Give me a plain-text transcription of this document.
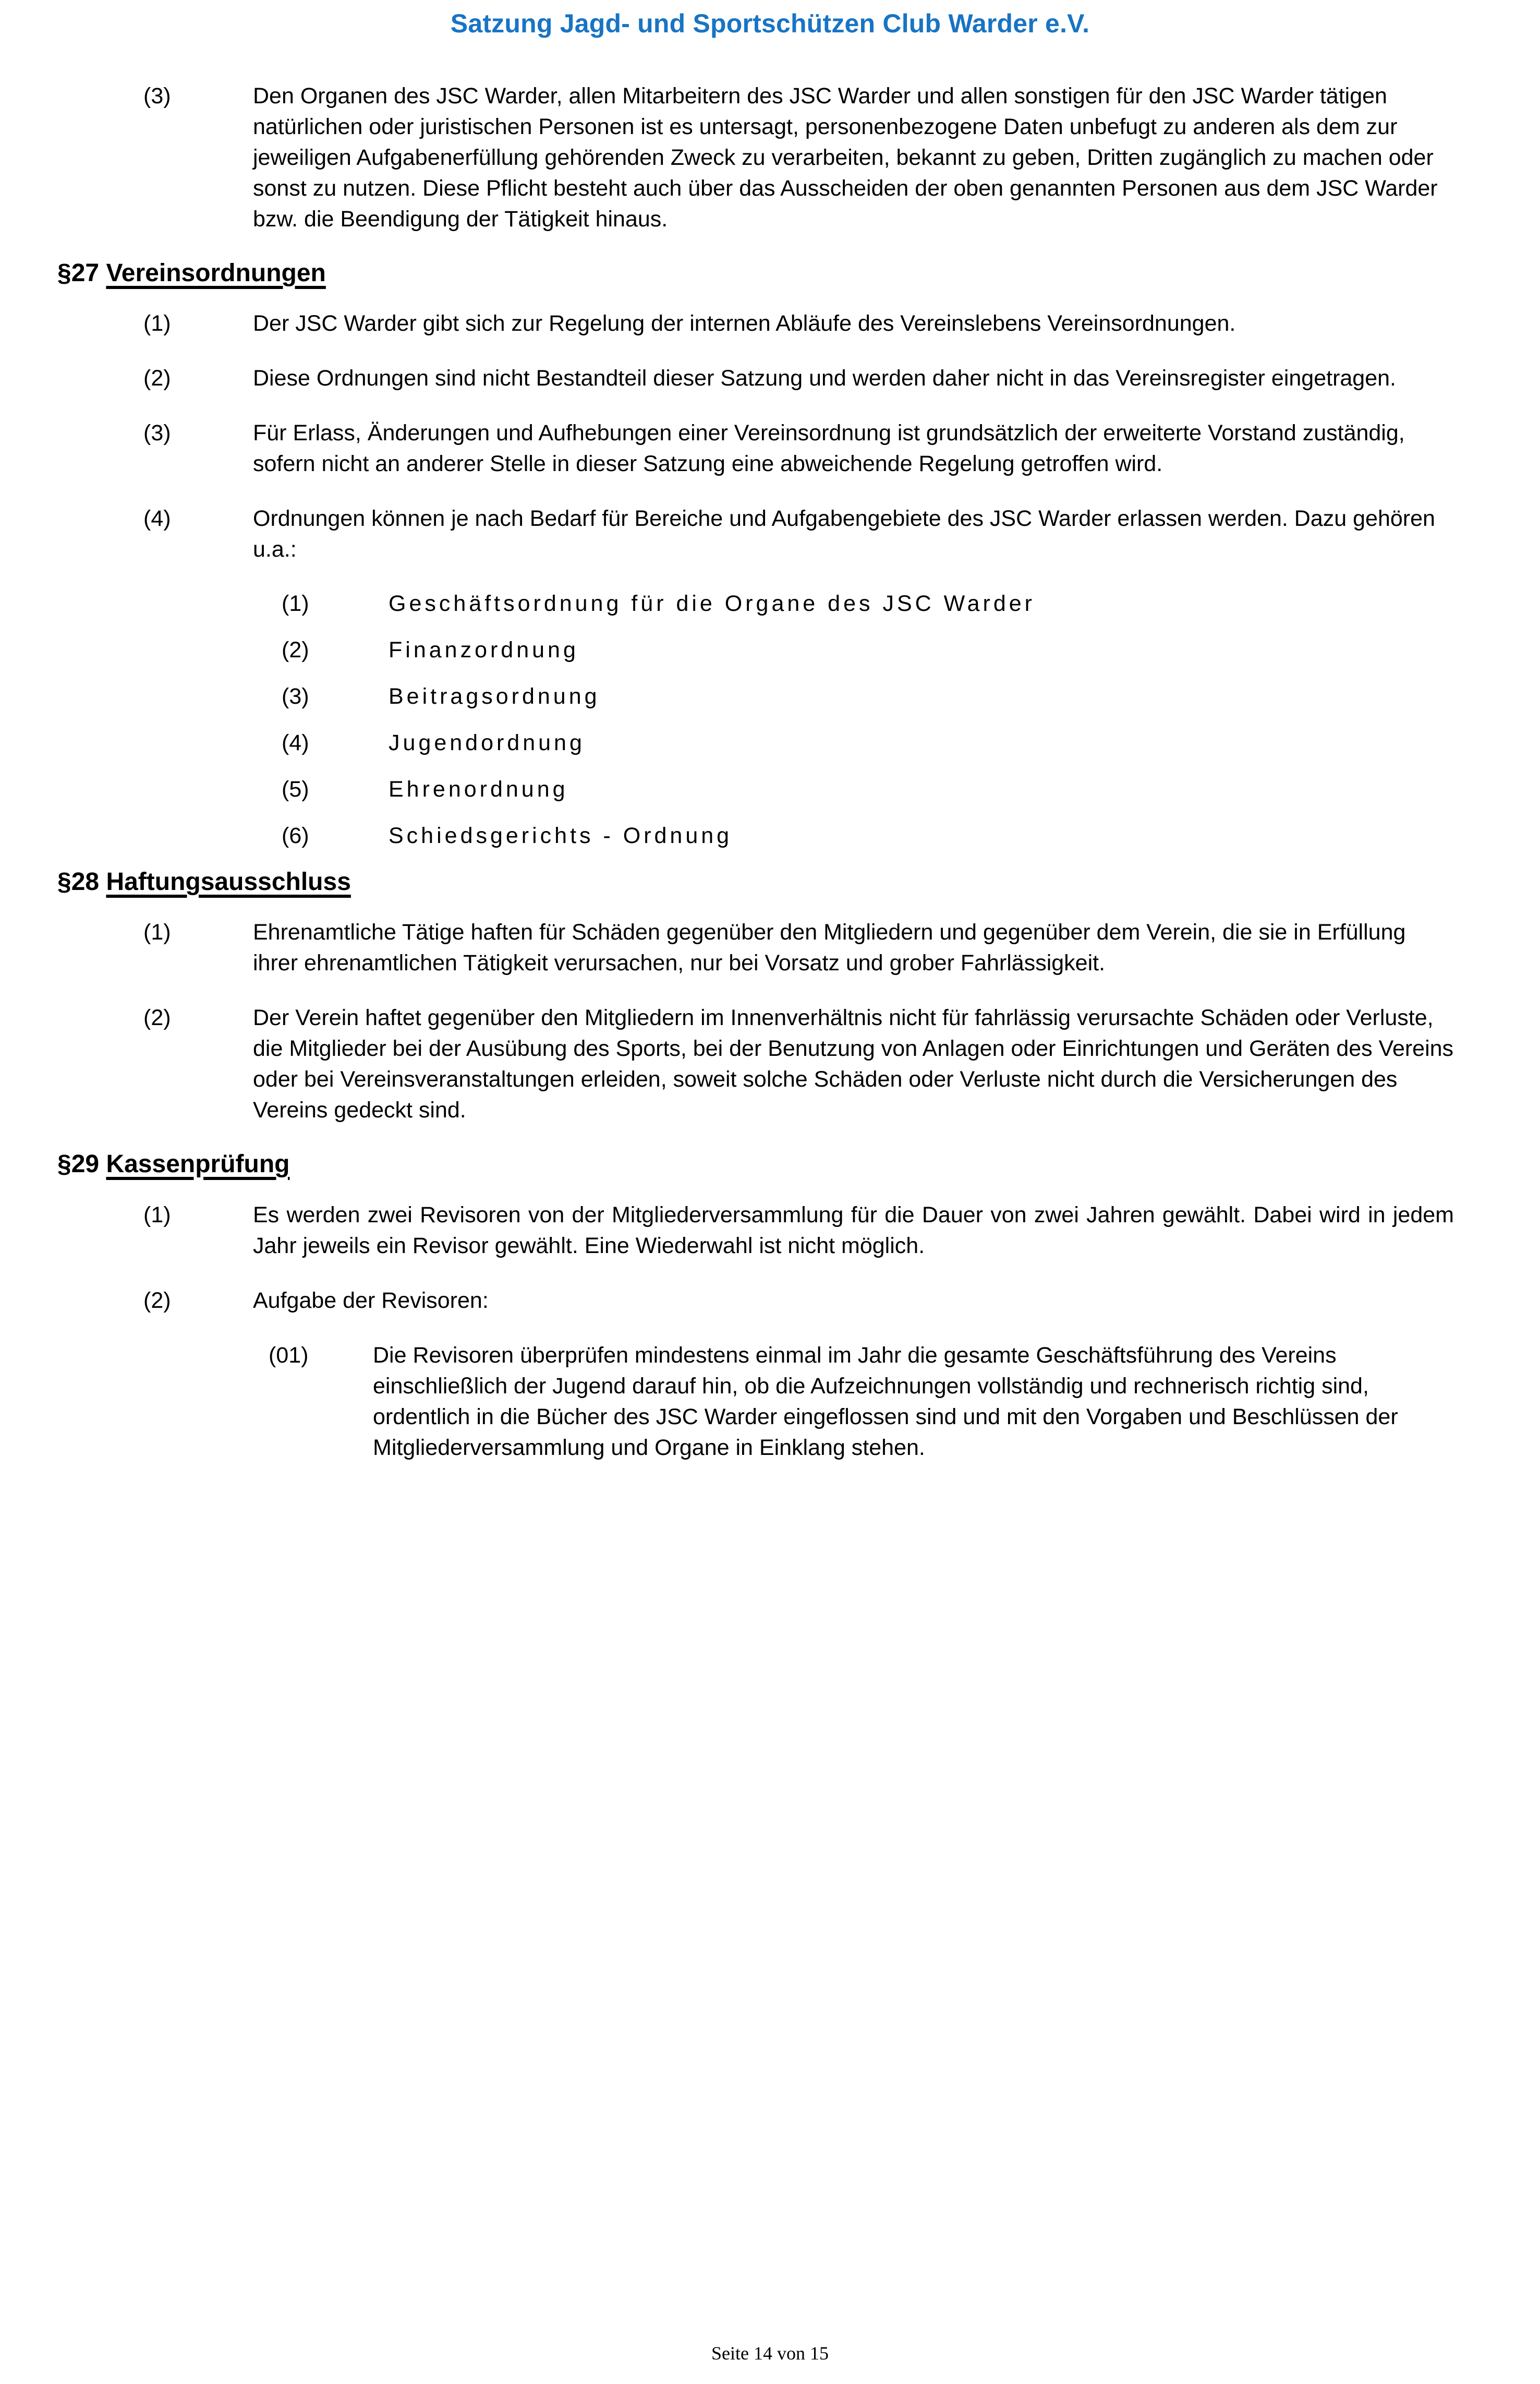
Satzung Jagd- und Sportschützen Club Warder e.V.
(3)	Den Organen des JSC Warder, allen Mitarbeitern des JSC Warder und allen sonstigen für den JSC Warder tätigen natürlichen oder juristischen Personen ist es untersagt, personenbezogene Daten unbefugt zu anderen als dem zur jeweiligen Aufgabenerfüllung gehörenden Zweck zu verarbeiten, bekannt zu geben, Dritten zugänglich zu machen oder sonst zu nutzen. Diese Pflicht besteht auch über das Ausscheiden der oben genannten Personen aus dem JSC Warder bzw. die Beendigung der Tätigkeit hinaus.
§27 Vereinsordnungen
(1)	Der JSC Warder gibt sich zur Regelung der internen Abläufe des Vereinslebens Vereinsordnungen.
(2)	Diese Ordnungen sind nicht Bestandteil dieser Satzung und werden daher nicht in das Vereinsregister eingetragen.
(3)	Für Erlass, Änderungen und Aufhebungen einer Vereinsordnung ist grundsätzlich der erweiterte Vorstand zuständig, sofern nicht an anderer Stelle in dieser Satzung eine abweichende Regelung getroffen wird.
(4)	Ordnungen können je nach Bedarf für Bereiche und Aufgabengebiete des JSC Warder erlassen werden. Dazu gehören u.a.:
(1)	Geschäftsordnung für die Organe des JSC Warder
(2)	Finanzordnung
(3)	Beitragsordnung
(4)	Jugendordnung
(5)	Ehrenordnung
(6)	Schiedsgerichts - Ordnung
§28 Haftungsausschluss
(1)	Ehrenamtliche Tätige haften für Schäden gegenüber den Mitgliedern und gegenüber dem Verein, die sie in Erfüllung ihrer ehrenamtlichen Tätigkeit verursachen, nur bei Vorsatz und grober Fahrlässigkeit.
(2)	Der Verein haftet gegenüber den Mitgliedern im Innenverhältnis nicht für fahrlässig verursachte Schäden oder Verluste, die Mitglieder bei der Ausübung des Sports, bei der Benutzung von Anlagen oder Einrichtungen und Geräten des Vereins oder bei Vereinsveranstaltungen erleiden, soweit solche Schäden oder Verluste nicht durch die Versicherungen des Vereins gedeckt sind.
§29 Kassenprüfung
(1)	Es werden zwei Revisoren von der Mitgliederversammlung für die Dauer von zwei Jahren gewählt. Dabei wird in jedem Jahr jeweils ein Revisor gewählt. Eine Wiederwahl ist nicht möglich.
(2)	Aufgabe der Revisoren:
(01)	Die Revisoren überprüfen mindestens einmal im Jahr die gesamte Geschäftsführung des Vereins einschließlich der Jugend darauf hin, ob die Aufzeichnungen vollständig und rechnerisch richtig sind, ordentlich in die Bücher des JSC Warder eingeflossen sind und mit den Vorgaben und Beschlüssen der Mitgliederversammlung und Organe in Einklang stehen.
Seite 14 von 15
